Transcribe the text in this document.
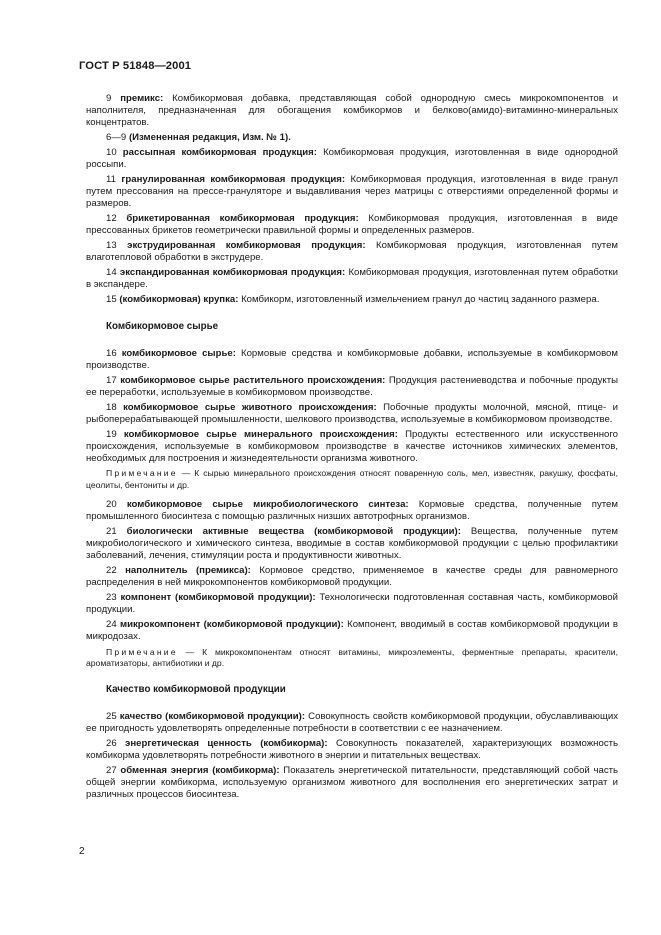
ГОСТ Р 51848—2001

9 премикс: Комбикормовая добавка, представляющая собой однородную смесь микрокомпонентов и наполнителя, предназначенная для обогащения комбикормов и белково(амидо)-витаминно-минеральных концентратов.

6—9 (Измененная редакция, Изм. № 1).

10 рассыпная комбикормовая продукция: Комбикормовая продукция, изготовленная в виде однородной россыпи.

11 гранулированная комбикормовая продукция: Комбикормовая продукция, изготовленная в виде гранул путем прессования на прессе-грануляторе и выдавливания через матрицы с отверстиями определенной формы и размеров.

12 брикетированная комбикормовая продукция: Комбикормовая продукция, изготовленная в виде прессованных брикетов геометрически правильной формы и определенных размеров.

13 экструдированная комбикормовая продукция: Комбикормовая продукция, изготовленная путем влаготепловой обработки в экструдере.

14 экспандированная комбикормовая продукция: Комбикормовая продукция, изготовленная путем обработки в экспандере.

15 (комбикормовая) крупка: Комбикорм, изготовленный измельчением гранул до частиц заданного размера.

Комбикормовое сырье

16 комбикормовое сырье: Кормовые средства и комбикормовые добавки, используемые в комбикормовом производстве.

17 комбикормовое сырье растительного происхождения: Продукция растениеводства и побочные продукты ее переработки, используемые в комбикормовом производстве.

18 комбикормовое сырье животного происхождения: Побочные продукты молочной, мясной, птице- и рыбоперерабатывающей промышленности, шелкового производства, используемые в комбикормовом производстве.

19 комбикормовое сырье минерального происхождения: Продукты естественного или искусственного происхождения, используемые в комбикормовом производстве в качестве источников химических элементов, необходимых для построения и жизнедеятельности организма животного.

Примечание — К сырью минерального происхождения относят поваренную соль, мел, известняк, ракушку, фосфаты, цеолиты, бентониты и др.

20 комбикормовое сырье микробиологического синтеза: Кормовые средства, полученные путем промышленного биосинтеза с помощью различных низших автотрофных организмов.

21 биологически активные вещества (комбикормовой продукции): Вещества, полученные путем микробиологического и химического синтеза, вводимые в состав комбикормовой продукции с целью профилактики заболеваний, лечения, стимуляции роста и продуктивности животных.

22 наполнитель (премикса): Кормовое средство, применяемое в качестве среды для равномерного распределения в ней микрокомпонентов комбикормовой продукции.

23 компонент (комбикормовой продукции): Технологически подготовленная составная часть, комбикормовой продукции.

24 микрокомпонент (комбикормовой продукции): Компонент, вводимый в состав комбикормовой продукции в микродозах.

Примечание — К микрокомпонентам относят витамины, микроэлементы, ферментные препараты, красители, ароматизаторы, антибиотики и др.
Качество комбикормовой продукции

25 качество (комбикормовой продукции): Совокупность свойств комбикормовой продукции, обуславливающих ее пригодность удовлетворять определенные потребности в соответствии с ее назначением.

26 энергетическая ценность (комбикорма): Совокупность показателей, характеризующих возможность комбикорма удовлетворять потребности животного в энергии и питательных веществах.

27 обменная энергия (комбикорма): Показатель энергетической питательности, представляющий собой часть общей энергии комбикорма, используемую организмом животного для восполнения его энергетических затрат и различных процессов биосинтеза.

2
